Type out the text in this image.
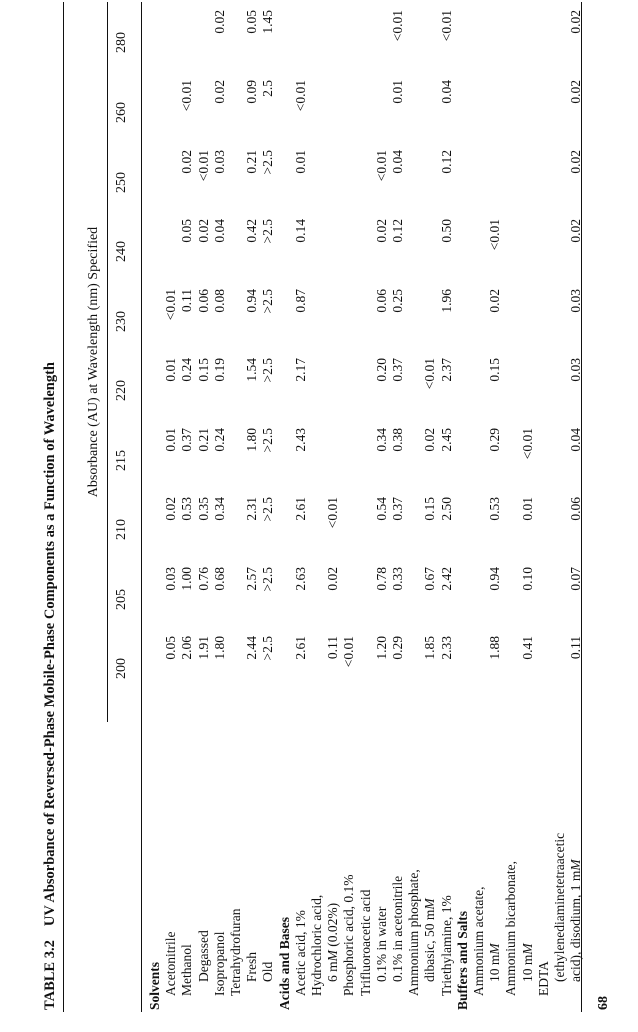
68
TABLE 3.2UV Absorbance of Reversed-Phase Mobile-Phase Components as a Function of Wavelength Absorbance (AU) at Wavelength (nm) Specified
200
205
210
215
220
230
240
250
260
280
Solvents Acetonitrile
0.05
0.03
0.02
0.01
0.01
<0.01
Methanol
2.06
1.00
0.53
0.37
0.24
0.11
0.05
0.02
<0.01
Degassed
1.91
0.76
0.35
0.21
0.15
0.06
0.02
<0.01
Isopropanol
1.80
0.68
0.34
0.24
0.19
0.08
0.04
0.03
0.02
0.02
Tetrahydrofuran Fresh
2.44
2.57
2.31
1.80
1.54
0.94
0.42
0.21
0.09
0.05
Old
>2.5
>2.5
>2.5
>2.5
>2.5
>2.5
>2.5
>2.5
2.5
1.45
Acids and Bases Acetic acid, 1%
2.61
2.63
2.61
2.43
2.17
0.87
0.14
0.01
<0.01
Hydrochloric acid, 6 mM (0.02%)
0.11
0.02
<0.01
Phosphoric acid, 0.1%
<0.01
Trifluoroacetic acid 0.1% in water
1.20
0.78
0.54
0.34
0.20
0.06
0.02
<0.01
0.1% in acetonitrile
0.29
0.33
0.37
0.38
0.37
0.25
0.12
0.04
0.01
<0.01
Ammonium phosphate, dibasic, 50 mM
1.85
0.67
0.15
0.02
<0.01
Triethylamine, 1%
2.33
2.42
2.50
2.45
2.37
1.96
0.50
0.12
0.04
<0.01
Buffers and Salts Ammonium acetate, 10 mM
1.88
0.94
0.53
0.29
0.15
0.02
<0.01
Ammonium bicarbonate, 10 mM
0.41
0.10
0.01
<0.01
EDTA (ethylenediaminetetraacetic acid), disodium, 1 mM
0.11
0.07
0.06
0.04
0.03
0.03
0.02
0.02
0.02
0.02
